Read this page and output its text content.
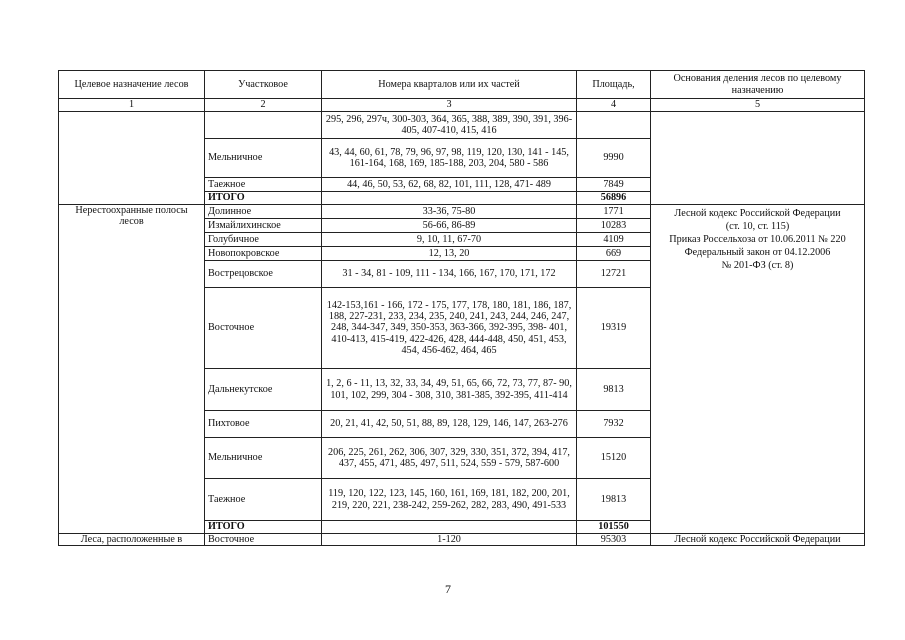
Целевое назначение лесов	Участковое	Номера кварталов или их частей	Площадь,	Основания деления лесов по целевому назначению
1	2	3	4	5
		295, 296, 297ч, 300-303, 364, 365, 388, 389, 390, 391, 396- 405, 407-410, 415, 416		
	Мельничное	43, 44, 60, 61, 78, 79, 96, 97, 98, 119, 120, 130, 141 - 145, 161-164, 168, 169, 185-188, 203, 204, 580 - 586	9990	
	Таежное	44, 46, 50, 53, 62, 68, 82, 101, 111, 128, 471- 489	7849	
	ИТОГО		56896	
Нерестоохранные полосы лесов	Долинное	33-36, 75-80	1771	Лесной кодекс Российской Федерации
(ст. 10, ст. 115)
Приказ Россельхоза от 10.06.2011 № 220
Федеральный закон от 04.12.2006
№ 201-ФЗ (ст. 8)

	Измайлихинское	56-66, 86-89	10283	
	Голубичное	9, 10, 11, 67-70	4109	
	Новопокровское	12, 13, 20	669	
	Вострецовское	31 - 34, 81 - 109, 111 - 134, 166, 167, 170, 171, 172	12721	
	Восточное	142-153,161 - 166, 172 - 175, 177, 178, 180, 181, 186, 187, 188, 227-231, 233, 234, 235, 240, 241, 243, 244, 246, 247, 248, 344-347, 349, 350-353, 363-366, 392-395, 398- 401, 410-413, 415-419, 422-426, 428, 444-448, 450, 451, 453, 454, 456-462, 464, 465	19319	
	Дальнекутское	1, 2, 6 - 11, 13, 32, 33, 34, 49, 51, 65, 66, 72, 73, 77, 87- 90, 101, 102, 299, 304 - 308, 310, 381-385, 392-395, 411-414	9813	
	Пихтовое	20, 21, 41, 42, 50, 51, 88, 89, 128, 129, 146, 147, 263-276	7932	
	Мельничное	206, 225, 261, 262, 306, 307, 329, 330, 351, 372, 394, 417, 437, 455, 471, 485, 497, 511, 524, 559 - 579, 587-600	15120	
	Таежное	119, 120, 122, 123, 145, 160, 161, 169, 181, 182, 200, 201, 219, 220, 221, 238-242, 259-262, 282, 283, 490, 491-533	19813	
	ИТОГО		101550	
Леса, расположенные в	Восточное	1-120	95303	Лесной кодекс Российской Федерации
7
